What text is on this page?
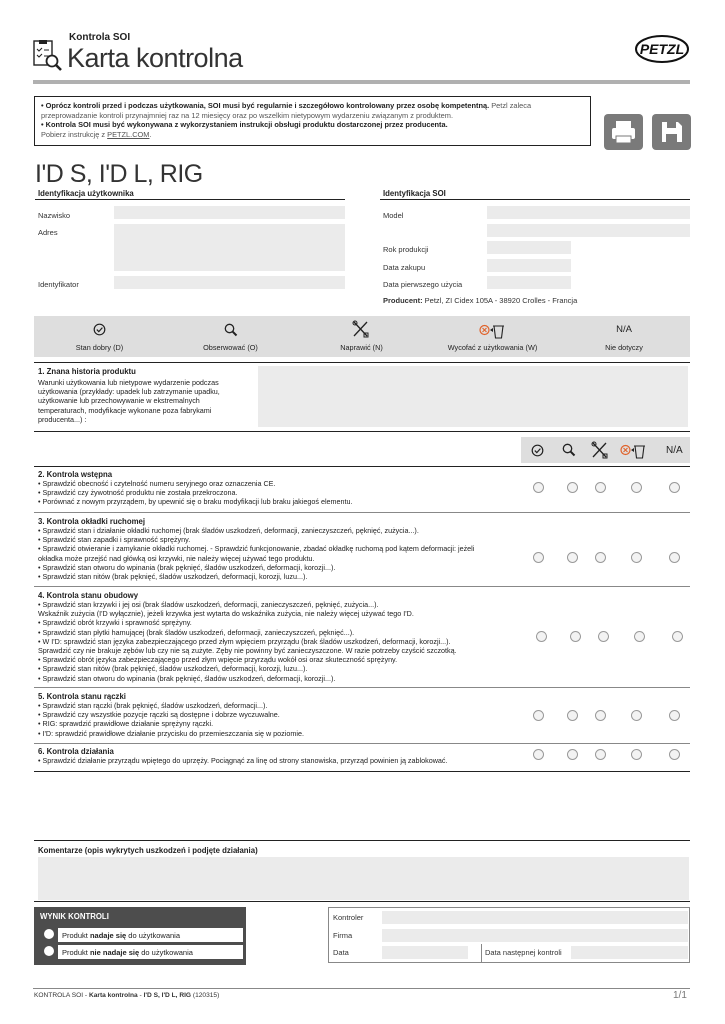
Kontrola SOI
Karta kontrolna	PETZL
• Oprócz kontroli przed i podczas użytkowania, SOI musi być regularnie i szczegółowo kontrolowany przez osobę kompetentną. Petzl zaleca
przeprowadzanie kontroli przynajmniej raz na 12 miesięcy oraz po wszelkim nietypowym wydarzeniu związanym z produktem.
• Kontrola SOI musi być wykonywana z wykorzystaniem instrukcji obsługi produktu dostarczonej przez producenta.
Pobierz instrukcję z PETZL.COM.
I'D S, I'D L, RIG
Identyfikacja użytkownika
Nazwisko
Adres
Identyfikator
Identyfikacja SOI
Model
Rok produkcji
Data zakupu
Data pierwszego użycia
Producent: Petzl, ZI Cidex 105A - 38920 Crolles - Francja
Stan dobry (D)	Obserwować (O)	Naprawić (N)	Wycofać z użytkowania (W)
N/A
Nie dotyczy
1. Znana historia produktu
Warunki użytkowania lub nietypowe wydarzenie podczas użytkowania (przykłady: upadek lub zatrzymanie upadku, użytkowanie lub przechowywanie w ekstremalnych temperaturach, modyfikacje wykonane poza fabrykami producenta...) :
N/A
2. Kontrola wstępna
• Sprawdzić obecność i czytelność numeru seryjnego oraz oznaczenia CE.
• Sprawdzić czy żywotność produktu nie została przekroczona.
• Porównać z nowym przyrządem, by upewnić się o braku modyfikacji lub braku jakiegoś elementu.
3. Kontrola okładki ruchomej
• Sprawdzić stan i działanie okładki ruchomej (brak śladów uszkodzeń, deformacji, zanieczyszczeń, pęknięć, zużycia...).
• Sprawdzić stan zapadki i sprawność sprężyny.
• Sprawdzić otwieranie i zamykanie okładki ruchomej. - Sprawdzić funkcjonowanie, zbadać okładkę ruchomą pod kątem deformacji: jeżeli
okładka może przejść nad główką osi krzywki, nie należy więcej używać tego produktu.
• Sprawdzić stan otworu do wpinania (brak pęknięć, śladów uszkodzeń, deformacji, korozji...).
• Sprawdzić stan nitów (brak pęknięć, śladów uszkodzeń, deformacji, korozji, luzu...).
4. Kontrola stanu obudowy
• Sprawdzić stan krzywki i jej osi (brak śladów uszkodzeń, deformacji, zanieczyszczeń, pęknięć, zużycia...).
Wskaźnik zużycia (I'D wyłącznie), jeżeli krzywka jest wytarta do wskaźnika zużycia, nie należy więcej używać tego I'D.
• Sprawdzić obrót krzywki i sprawność sprężyny.
• Sprawdzić stan płytki hamującej (brak śladów uszkodzeń, deformacji, zanieczyszczeń, pęknięć...).
• W I'D: sprawdzić stan języka zabezpieczającego przed złym wpięciem przyrządu (brak śladów uszkodzeń, deformacji, korozji...).
Sprawdzić czy nie brakuje zębów lub czy nie są zużyte. Zęby nie powinny być zanieczyszczone. W razie potrzeby czyścić szczotką.
• Sprawdzić obrót języka zabezpieczającego przed złym wpięcie przyrządu wokół osi oraz skuteczność sprężyny.
• Sprawdzić stan nitów (brak pęknięć, śladów uszkodzeń, deformacji, korozji, luzu...).
• Sprawdzić stan otworu do wpinania (brak pęknięć, śladów uszkodzeń, deformacji, korozji...).
5. Kontrola stanu rączki
• Sprawdzić stan rączki (brak pęknięć, śladów uszkodzeń, deformacji...).
• Sprawdzić czy wszystkie pozycje rączki są dostępne i dobrze wyczuwalne.
• RIG: sprawdzić prawidłowe działanie sprężyny rączki.
• I'D: sprawdzić prawidłowe działanie przycisku do przemieszczania się w poziomie.
6. Kontrola działania
• Sprawdzić działanie przyrządu wpiętego do uprzęży. Pociągnąć za linę od strony stanowiska, przyrząd powinien ją zablokować.
Komentarze (opis wykrytych uszkodzeń i podjęte działania)
WYNIK KONTROLI
Produkt nadaje się do użytkowania
Produkt nie nadaje się do użytkowania
Kontroler
Firma
Data	Data następnej kontroli
KONTROLA SOI - Karta kontrolna - I'D S, I'D L, RIG (120315)	1/1
